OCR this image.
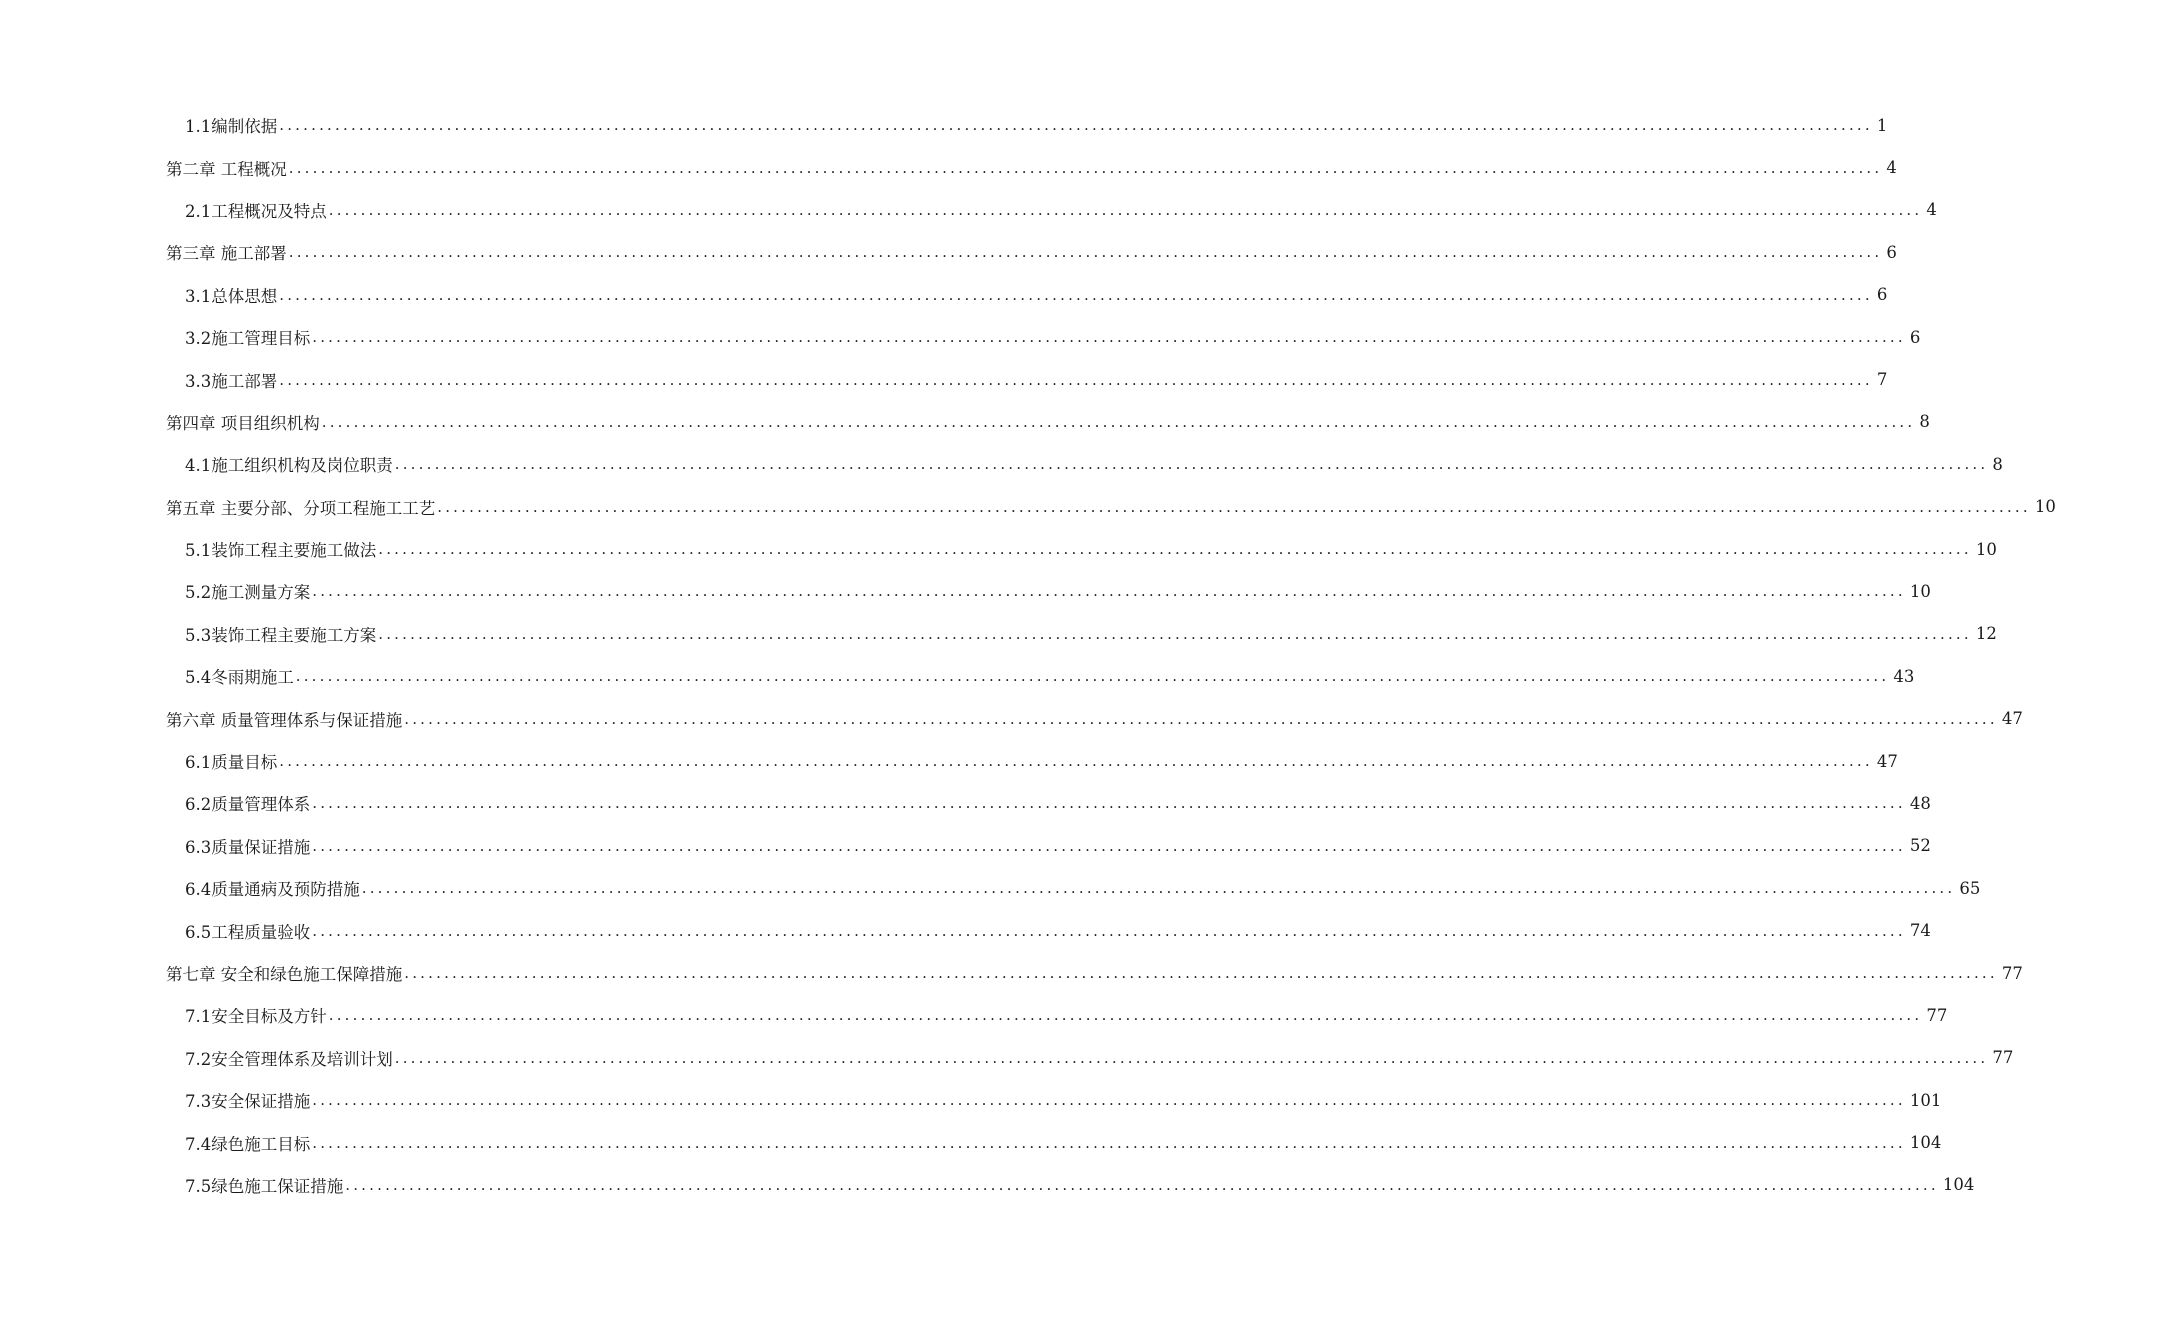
1.1编制依据 ........................................................................................................................................................................................................ 1
第二章 工程概况 ........................................................................................................................................................................................................ 4
2.1工程概况及特点 ........................................................................................................................................................................................................ 4
第三章 施工部署 ........................................................................................................................................................................................................ 6
3.1总体思想 ........................................................................................................................................................................................................ 6
3.2施工管理目标 ........................................................................................................................................................................................................ 6
3.3施工部署 ........................................................................................................................................................................................................ 7
第四章 项目组织机构 ........................................................................................................................................................................................................ 8
4.1施工组织机构及岗位职责 ........................................................................................................................................................................................................ 8
第五章 主要分部、分项工程施工工艺 ........................................................................................................................................................................................................ 10
5.1装饰工程主要施工做法 ........................................................................................................................................................................................................ 10
5.2施工测量方案 ........................................................................................................................................................................................................ 10
5.3装饰工程主要施工方案 ........................................................................................................................................................................................................ 12
5.4冬雨期施工 ........................................................................................................................................................................................................ 43
第六章 质量管理体系与保证措施 ........................................................................................................................................................................................................ 47
6.1质量目标 ........................................................................................................................................................................................................ 47
6.2质量管理体系 ........................................................................................................................................................................................................ 48
6.3质量保证措施 ........................................................................................................................................................................................................ 52
6.4质量通病及预防措施 ........................................................................................................................................................................................................ 65
6.5工程质量验收 ........................................................................................................................................................................................................ 74
第七章 安全和绿色施工保障措施 ........................................................................................................................................................................................................ 77
7.1安全目标及方针 ........................................................................................................................................................................................................ 77
7.2安全管理体系及培训计划 ........................................................................................................................................................................................................ 77
7.3安全保证措施 ........................................................................................................................................................................................................ 101
7.4绿色施工目标 ........................................................................................................................................................................................................ 104
7.5绿色施工保证措施 ........................................................................................................................................................................................................ 104
